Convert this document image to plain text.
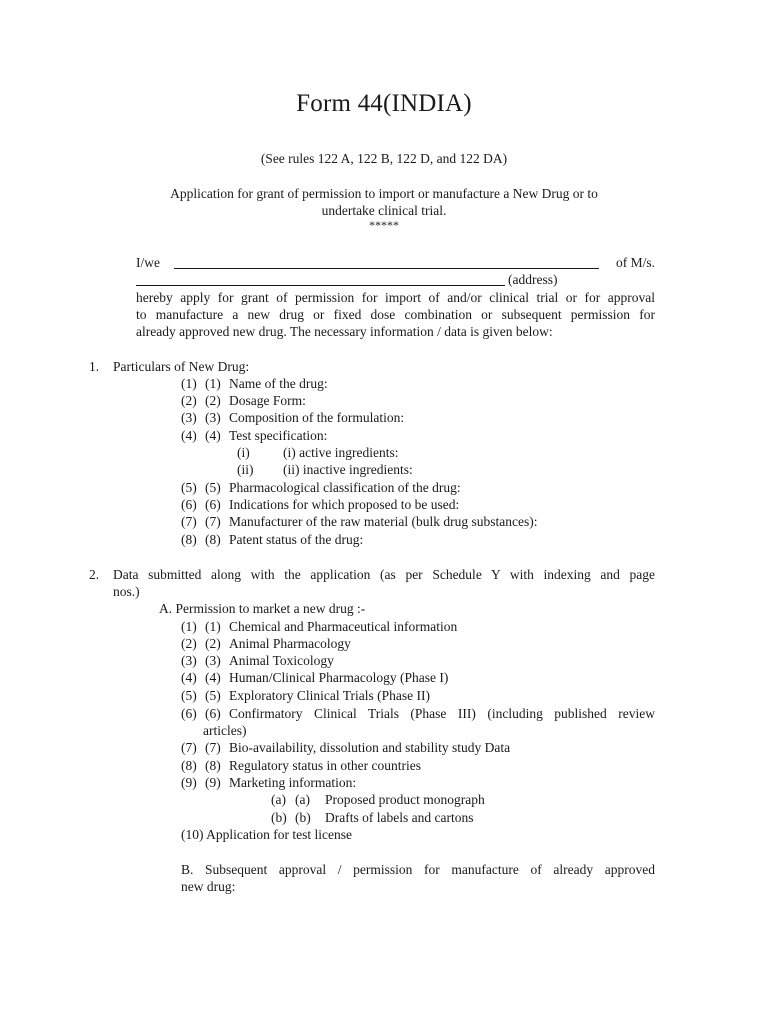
Form 44(INDIA)
(See rules 122 A, 122 B, 122 D, and 122 DA)
Application for grant of permission to import or manufacture a New Drug or to
undertake clinical trial.
*****
I/we	of M/s.
(address)
hereby apply for grant of permission for import of and/or clinical trial or for approval
to manufacture a new drug or fixed dose combination or subsequent permission for
already approved new drug. The necessary information / data is given below:
1. Particulars of New Drug:
(1) (1) Name of the drug:
(2) (2) Dosage Form:
(3) (3) Composition of the formulation:
(4) (4) Test specification:
(i) (i) active ingredients:
(ii) (ii) inactive ingredients:
(5) (5) Pharmacological classification of the drug:
(6) (6) Indications for which proposed to be used:
(7) (7) Manufacturer of the raw material (bulk drug substances):
(8) (8) Patent status of the drug:
2. Data submitted along with the application (as per Schedule Y with indexing and page
nos.)
A. Permission to market a new drug :-
(1) (1) Chemical and Pharmaceutical information
(2) (2) Animal Pharmacology
(3) (3) Animal Toxicology
(4) (4) Human/Clinical Pharmacology (Phase I)
(5) (5) Exploratory Clinical Trials (Phase II)
(6) (6) Confirmatory Clinical Trials (Phase III) (including published review
articles)
(7) (7) Bio-availability, dissolution and stability study Data
(8) (8) Regulatory status in other countries
(9) (9) Marketing information:
(a) (a) Proposed product monograph
(b) (b) Drafts of labels and cartons
(10) Application for test license
B. Subsequent approval / permission for manufacture of already approved
new drug:
